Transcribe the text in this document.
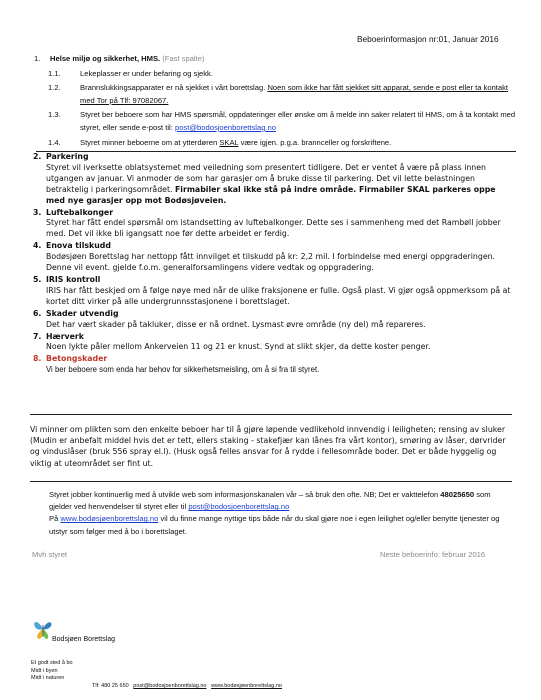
Beboerinformasjon nr:01, Januar 2016
1. Helse miljø og sikkerhet, HMS. (Fast spalte)
1.1.	Lekeplasser er under befaring og sjekk.
1.2.	Brannslukkingsapparater er nå sjekket i vårt borettslag. Noen som ikke har fått sjekket sitt apparat, sende e post eller ta kontakt med Tor på Tlf: 97082067.
1.3.	Styret ber beboere som har HMS spørsmål, oppdateringer eller ønske om å melde inn saker relatert til HMS, om å ta kontakt med styret, eller sende e-post til: post@bodosjoenborettslag.no
1.4.	Styret minner beboerne om at ytterdøren SKAL være igjen. p.g.a. brannceller og forskriftene.
2. Parkering
Styret vil iverksette oblatsystemet med veiledning som presentert tidligere. Det er ventet å være på plass innen utgangen av januar. Vi anmoder de som har garasjer om å bruke disse til parkering. Det vil lette belastningen betraktelig i parkeringsområdet. Firmabiler skal ikke stå på indre område. Firmabiler SKAL parkeres oppe med nye garasjer opp mot Bodøsjøveien.
3. Luftebalkonger
Styret har fått endel spørsmål om istandsetting av luftebalkonger. Dette ses i sammenheng med det Rambøll jobber med. Det vil ikke bli igangsatt noe før dette arbeidet er ferdig.
4. Enova tilskudd
Bodøsjøen Borettslag har nettopp fått innvilget et tilskudd på kr: 2,2 mil. I forbindelse med energi oppgraderingen. Denne vil event. gjelde f.o.m. generalforsamlingens videre vedtak og oppgradering.
5. IRIS kontroll
IRIS har fått beskjed om å følge nøye med når de ulike fraksjonene er fulle. Også plast. Vi gjør også oppmerksom på at kortet ditt virker på alle undergrunnsstasjonene i borettslaget.
6. Skader utvendig
Det har vært skader på takluker, disse er nå ordnet. Lysmast øvre område (ny del) må repareres.
7. Hærverk
Noen lykte påler mellom Ankerveien 11 og 21 er knust. Synd at slikt skjer, da dette koster penger.
8. Betongskader
Vi ber beboere som enda har behov for sikkerhetsmeisling, om å si fra til styret.
Vi minner om plikten som den enkelte beboer har til å gjøre løpende vedlikehold innvendig i leiligheten; rensing av sluker (Mudin er anbefalt middel hvis det er tett, ellers staking - stakefjær kan lånes fra vårt kontor), smøring av låser, dørvrider og vinduslåser (bruk 556 spray el.l). (Husk også felles ansvar for å rydde i fellesområde boder. Det er både hyggelig og viktig at uteområdet ser fint ut.
Styret jobber kontinuerlig med å utvikle web som informasjonskanalen vår – så bruk den ofte. NB; Det er vakttelefon 48025650 som gjelder ved henvendelser til styret eller til post@bodosjoenborettslag.no
På www.bodøsjøenborettslag.no vil du finne mange nyttige tips både når du skal gjøre noe i egen leilighet og/eller benytte tjenester og utstyr som følger med å bo i borettslaget.
Mvh styret	Neste beboerinfo: februar 2016
Bodsjøen Borettslag
Et godt sted å bo
Midt i byen
Midt i naturen
Tlf: 480 25 650 post@bodosjoenborettslag.no www.bodøsjøenborettslag.no
